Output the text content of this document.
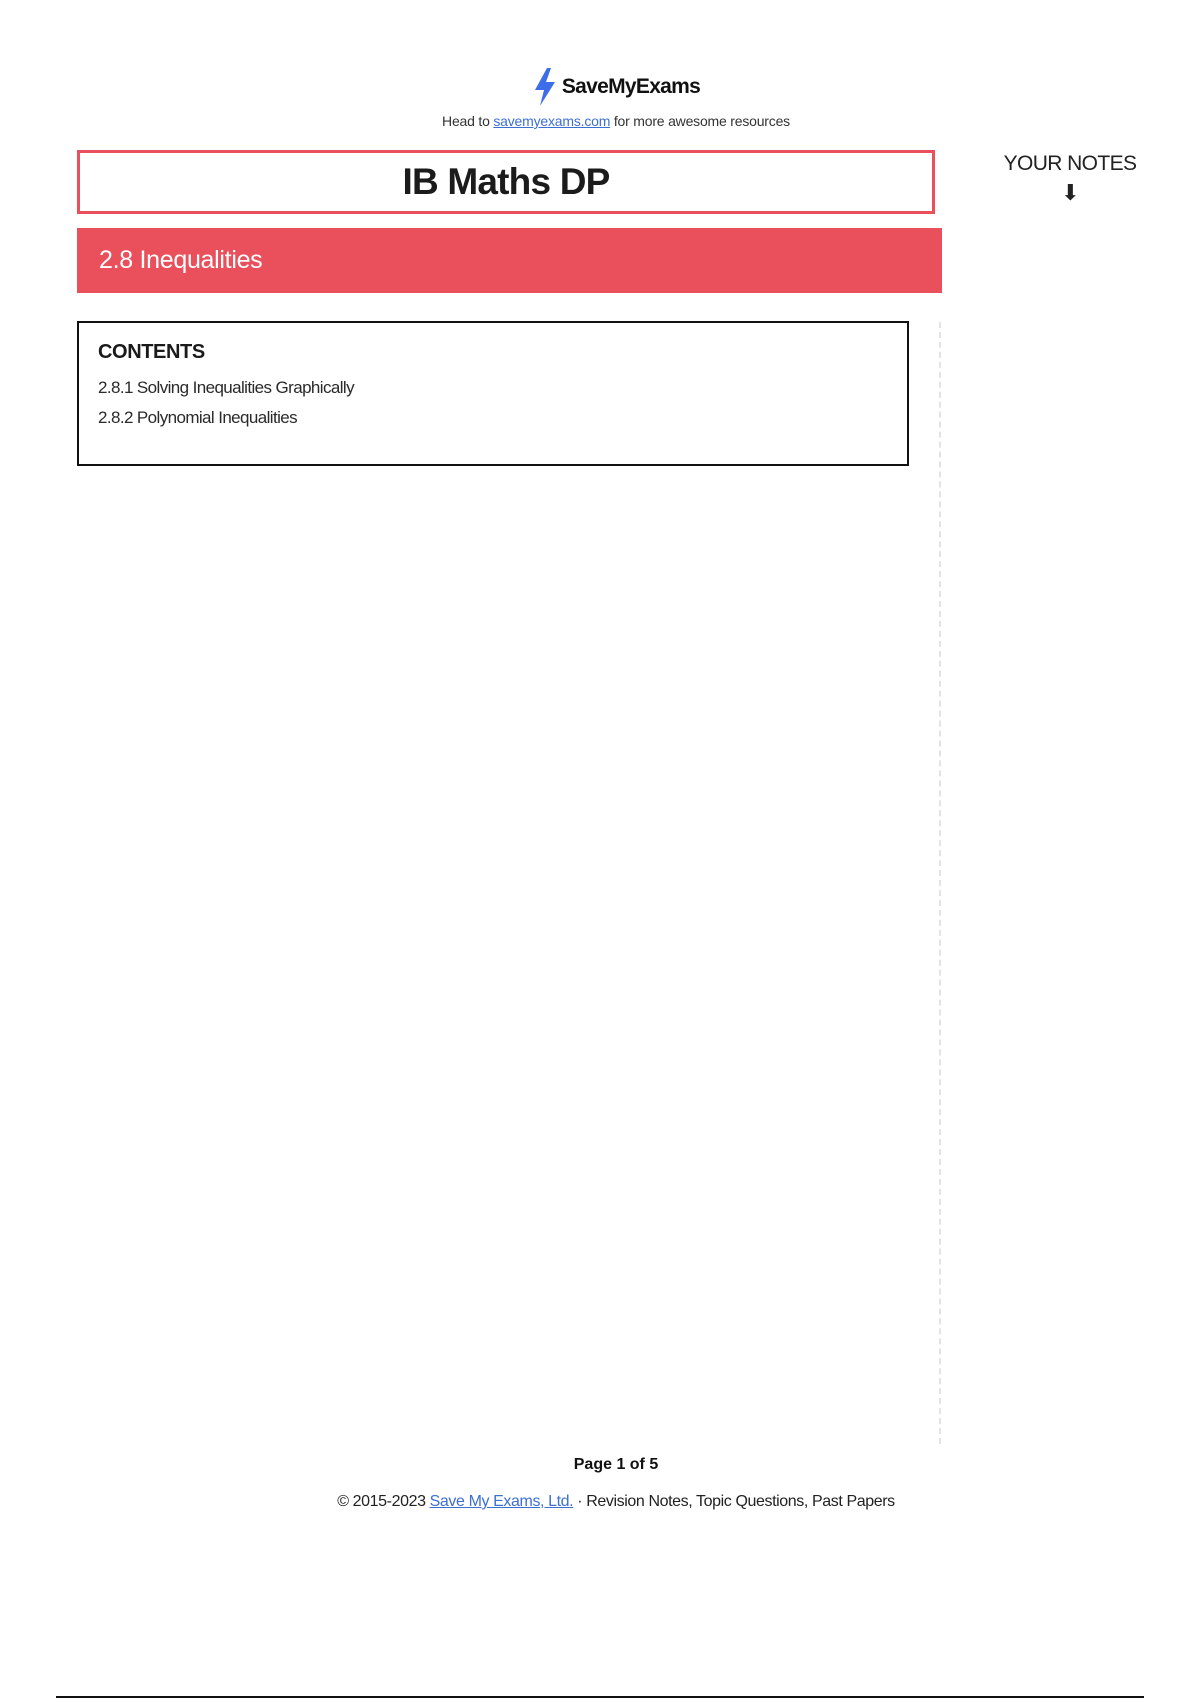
SaveMyExams
Head to savemyexams.com for more awesome resources
IB Maths DP
2.8 Inequalities
YOUR NOTES
⬇
CONTENTS
2.8.1 Solving Inequalities Graphically
2.8.2 Polynomial Inequalities
Page 1 of 5
© 2015-2023 Save My Exams, Ltd. · Revision Notes, Topic Questions, Past Papers
